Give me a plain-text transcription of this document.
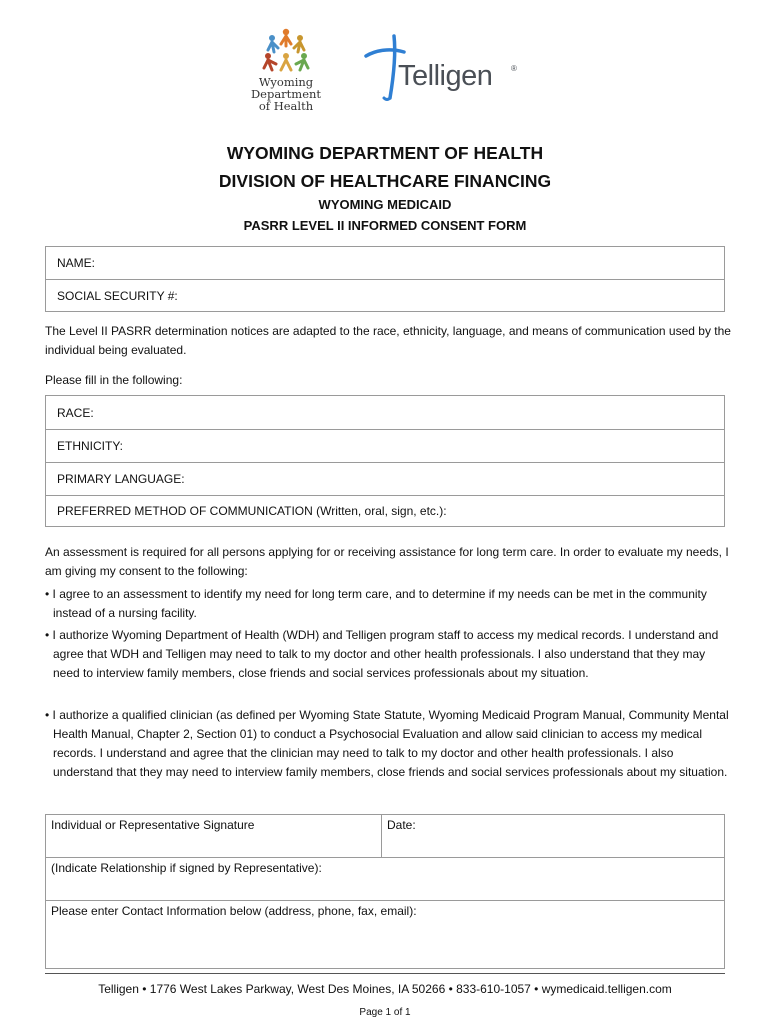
Wyoming
Department
of Health
Telligen ®
WYOMING DEPARTMENT OF HEALTH
DIVISION OF HEALTHCARE FINANCING
WYOMING MEDICAID
PASRR LEVEL II INFORMED CONSENT FORM
NAME:
SOCIAL SECURITY #:
The Level II PASRR determination notices are adapted to the race, ethnicity, language, and means of communication used by the individual being evaluated.
Please fill in the following:
RACE:
ETHNICITY:
PRIMARY LANGUAGE:
PREFERRED METHOD OF COMMUNICATION (Written, oral, sign, etc.):
An assessment is required for all persons applying for or receiving assistance for long term care. In order to evaluate my needs, I am giving my consent to the following:
• I agree to an assessment to identify my need for long term care, and to determine if my needs can be met in the community instead of a nursing facility.
• I authorize Wyoming Department of Health (WDH) and Telligen program staff to access my medical records. I understand and agree that WDH and Telligen may need to talk to my doctor and other health professionals. I also understand that they may need to interview family members, close friends and social services professionals about my situation.
• I authorize a qualified clinician (as defined per Wyoming State Statute, Wyoming Medicaid Program Manual, Community Mental Health Manual, Chapter 2, Section 01) to conduct a Psychosocial Evaluation and allow said clinician to access my medical records. I understand and agree that the clinician may need to talk to my doctor and other health professionals. I also understand that they may need to interview family members, close friends and social services professionals about my situation.
Individual or Representative Signature	Date:
(Indicate Relationship if signed by Representative):
Please enter Contact Information below (address, phone, fax, email):
Telligen • 1776 West Lakes Parkway, West Des Moines, IA 50266 • 833-610-1057 • wymedicaid.telligen.com
Page 1 of 1
